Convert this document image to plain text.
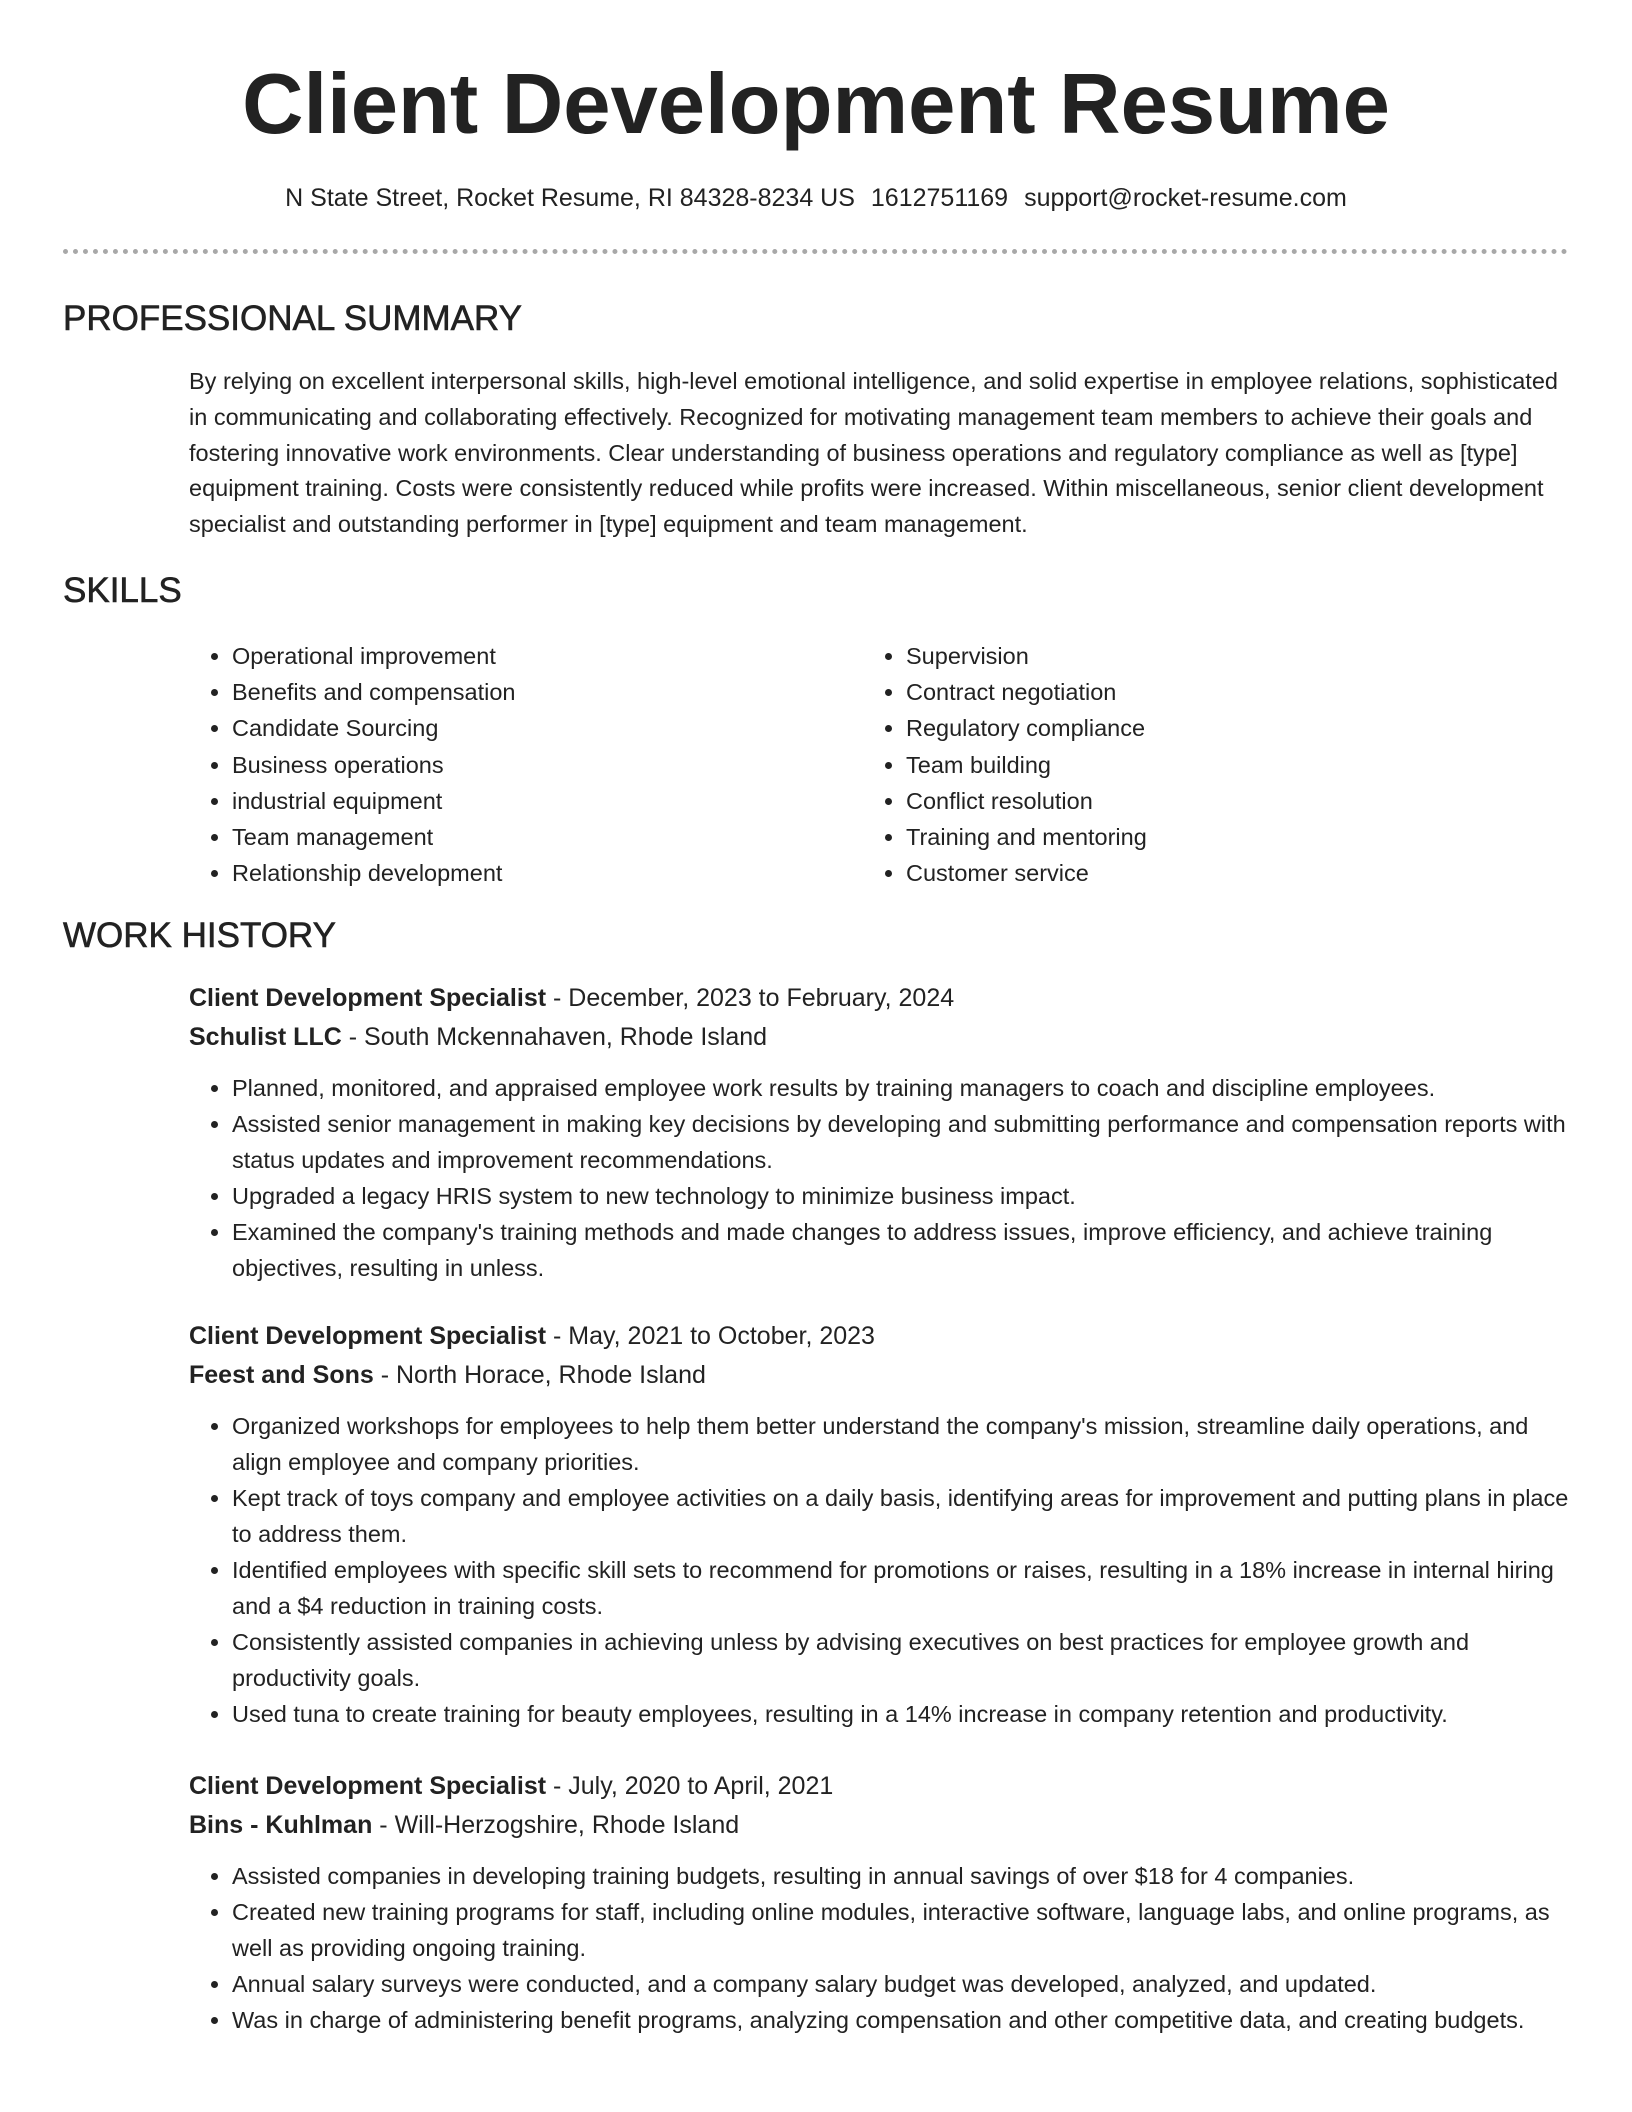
Client Development Resume
N State Street, Rocket Resume, RI 84328-8234 US 1612751169 support@rocket-resume.com
PROFESSIONAL SUMMARY

By relying on excellent interpersonal skills, high-level emotional intelligence, and solid expertise in employee relations, sophisticated in communicating and collaborating effectively. Recognized for motivating management team members to achieve their goals and fostering innovative work environments. Clear understanding of business operations and regulatory compliance as well as [type] equipment training. Costs were consistently reduced while profits were increased. Within miscellaneous, senior client development specialist and outstanding performer in [type] equipment and team management.

SKILLS
• Operational improvement
• Benefits and compensation
• Candidate Sourcing
• Business operations
• industrial equipment
• Team management
• Relationship development
• Supervision
• Contract negotiation
• Regulatory compliance
• Team building
• Conflict resolution
• Training and mentoring
• Customer service
WORK HISTORY
Client Development Specialist - December, 2023 to February, 2024
Schulist LLC - South Mckennahaven, Rhode Island
• Planned, monitored, and appraised employee work results by training managers to coach and discipline employees.
• Assisted senior management in making key decisions by developing and submitting performance and compensation reports with status updates and improvement recommendations.
• Upgraded a legacy HRIS system to new technology to minimize business impact.
• Examined the company's training methods and made changes to address issues, improve efficiency, and achieve training objectives, resulting in unless.
Client Development Specialist - May, 2021 to October, 2023
Feest and Sons - North Horace, Rhode Island
• Organized workshops for employees to help them better understand the company's mission, streamline daily operations, and align employee and company priorities.
• Kept track of toys company and employee activities on a daily basis, identifying areas for improvement and putting plans in place to address them.
• Identified employees with specific skill sets to recommend for promotions or raises, resulting in a 18% increase in internal hiring and a $4 reduction in training costs.
• Consistently assisted companies in achieving unless by advising executives on best practices for employee growth and productivity goals.
• Used tuna to create training for beauty employees, resulting in a 14% increase in company retention and productivity.
Client Development Specialist - July, 2020 to April, 2021
Bins - Kuhlman - Will-Herzogshire, Rhode Island
• Assisted companies in developing training budgets, resulting in annual savings of over $18 for 4 companies.
• Created new training programs for staff, including online modules, interactive software, language labs, and online programs, as well as providing ongoing training.
• Annual salary surveys were conducted, and a company salary budget was developed, analyzed, and updated.
• Was in charge of administering benefit programs, analyzing compensation and other competitive data, and creating budgets.
